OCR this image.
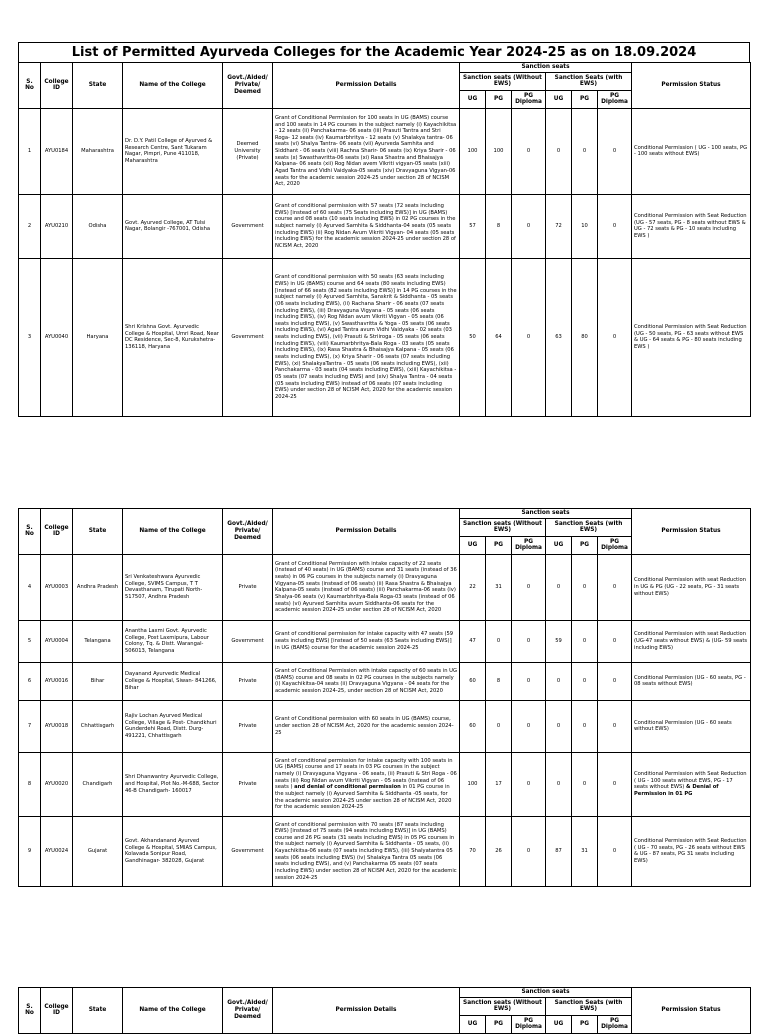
List of Permitted Ayurveda Colleges for the Academic Year 2024-25 as on 18.09.2024
S. No	College ID	State	Name of the College	Govt./Aided/ Private/ Deemed	Permission Details	Sanction seats						Permission Status
						Sanction seats (Without EWS)			Sanction Seats (with EWS)			
						UG	PG	PG Diploma	UG	PG	PG Diploma	
1	AYU0184	Maharashtra	Dr. D.Y. Patil College of Ayurved & Research Centre, Sant Tukaram Nagar, Pimpri, Pune 411018, Maharashtra	Deemed University (Private)	Grant of Conditional Permission for 100 seats in UG (BAMS) course and 100 seats in 14 PG courses in the subject namely (i) Kayachikitsa - 12 seats (ii) Panchakarma- 06 seats (iii) Prasuti Tantra and Stri Roga- 12 seats (iv) Kaumarbhritya - 12 seats (v) Shalakya tantra- 06 seats (vi) Shalya Tantra- 06 seats (vii) Ayurveda Samhita and Siddhant - 06 seats (viii) Rachna Sharir- 06 seats (ix) Kriya Sharir - 06 seats (x) Swasthavritta-06 seats (xi) Rasa Shastra and Bhaisajya Kalpana- 06 seats (xii) Rog Nidan avem Vikriti vigyan-05 seats (xiii) Agad Tantra and Vidhi Vaidyaka-05 seats (xiv) Dravyaguna Vigyan-06 seats for the academic session 2024-25 under section 28 of NCISM Act, 2020	100	100	0	0	0	0	Conditional Permission ( UG - 100 seats, PG - 100 seats without EWS)
2	AYU0210	Odisha	Govt. Ayurved College, AT Tulsi Nagar, Bolangir -767001, Odisha	Government	Grant of conditional permission with 57 seats (72 seats including EWS) [instead of 60 seats (75 Seats including EWS)] in UG (BAMS) course and 08 seats (10 seats including EWS) in 02 PG courses in the subject namely (i) Ayurved Samhita & Siddhanta-04 seats (05 seats including EWS) (ii) Rog Nidan Avum Vikriti Vigyan- 04 seats (05 seats including EWS) for the academic session 2024-25 under section 28 of NCISM Act, 2020	57	8	0	72	10	0	Conditional Permission with Seat Reduction (UG - 57 seats, PG - 8 seats without EWS & UG - 72 seats & PG - 10 seats including EWS )
3	AYU0040	Haryana	Shri Krishna Govt. Ayurvedic College & Hospital, Umri Road, Near DC Residence, Sec-8, Kurukshetra-136118, Haryana	Government	Grant of conditional permission with 50 seats (63 seats including EWS) in UG (BAMS) course and 64 seats (80 seats including EWS) [instead of 66 seats (82 seats including EWS)] in 14 PG courses in the subject namely (i) Ayurved Samhita, Sanskrit & Siddhanta - 05 seats (06 seats including EWS), (ii) Rachana Sharir - 06 seats (07 seats including EWS), (iii) Dravyaguna Vigyana - 05 seats (06 seats including EWS), (iv) Rog Nidan avum Vikriti Vigyan - 05 seats (06 seats including EWS), (v) Swasthavritta & Yoga - 05 seats (06 seats including EWS), (vi) Agad Tantra avum Vidhi Vaidyaka - 02 seats (03 seats including EWS), (vii) Prasuti & Striiroga - 05 seats (06 seats including EWS), (viii) Kaumarbhritya-Bala Roga - 03 seats (05 seats including EWS), (ix) Rasa Shastra & Bhaisajya Kalpana - 05 seats (06 seats including EWS), (x) Kriya Sharir - 06 seats (07 seats including EWS), (xi) ShalakyaTantra - 05 seats (06 seats including EWS), (xii) Panchakarma - 03 seats (04 seats including EWS), (xiii) Kayachikitsa - 05 seats (07 seats including EWS) and (xiv) Shalya Tantra - 04 seats (05 seats including EWS) instead of 06 seats (07 seats including EWS) under section 28 of NCISM Act, 2020 for the academic session 2024-25	50	64	0	63	80	0	Conditional Permission with Seat Reduction (UG - 50 seats, PG - 63 seats without EWS & UG - 64 seats & PG - 80 seats including EWS )
S. No	College ID	State	Name of the College	Govt./Aided/ Private/ Deemed	Permission Details	Sanction seats						Permission Status
						Sanction seats (Without EWS)			Sanction Seats (with EWS)			
						UG	PG	PG Diploma	UG	PG	PG Diploma	
4	AYU0003	Andhra Pradesh	Sri Venkateshwara Ayurvedic College, SVIMS Campus, T T Devasthanam, Tirupati North-517507, Andhra Pradesh	Private	Grant of Conditional Permission with intake capacity of 22 seats (instead of 40 seats) in UG (BAMS) course and 31 seats (instead of 36 seats) in 06 PG courses in the subjects namely (i) Dravyaguna Vigyana-05 seats (instead of 06 seats) (ii) Rasa Shastra & Bhaisajya Kalpana-05 seats (instead of 06 seats) (iii) Panchakarma-06 seats (iv) Shalya-06 seats (v) Kaumarbhritya-Bala Roga-03 seats (instead of 06 seats) (vi) Ayurved Samhita avum Siddhanta-06 seats for the academic session 2024-25 under section 28 of NCISM Act, 2020	22	31	0	0	0	0	Conditional Permission with seat Reduction in UG & PG (UG - 22 seats, PG - 31 seats without EWS)
5	AYU0004	Telangana	Anantha Laxmi Govt. Ayurvedic College, Post Laxmipura, Labour Colony, Tq. & Distt. Warangal-506013, Telangana	Government	Grant of conditional permission for intake capacity with 47 seats (59 seats including EWS) [instead of 50 seats (63 Seats including EWS)] in UG (BAMS) course for the academic session 2024-25	47	0	0	59	0	0	Conditional Permission with seat Reduction (UG-47 seats without EWS) & (UG- 59 seats including EWS)
6	AYU0016	Bihar	Dayanand Ayurvedic Medical College & Hospital, Siwan- 841266, Bihar	Private	Grant of Conditional Permission with intake capacity of 60 seats in UG (BAMS) course and 08 seats in 02 PG courses in the subjects namely (i) Kayachikitsa-04 seats (ii) Dravyaguna Vigyana - 04 seats for the academic session 2024-25, under section 28 of NCISM Act, 2020	60	8	0	0	0	0	Conditional Permission (UG - 60 seats, PG - 08 seats without EWS)
7	AYU0018	Chhattisgarh	Rajiv Lochan Ayurved Medical College, Village & Post- Chandkhuri Gunderdehi Road, Distt. Durg- 491221, Chhattisgarh	Private	Grant of Conditional permission with 60 seats in UG (BAMS) course, under section 28 of NCISM Act, 2020 for the academic session 2024-25	60	0	0	0	0	0	Conditional Permission (UG - 60 seats without EWS)
8	AYU0020	Chandigarh	Shri Dhanwantry Ayurvedic College, and Hospital, Plot No.-M-688, Sector 46-B Chandigarh- 160017	Private	Grant of conditional permission for intake capacity with 100 seats in UG (BAMS) course and 17 seats in 03 PG courses in the subject namely (i) Dravyaguna Vigyana - 06 seats, (ii) Prasuti & Stri Roga - 06 seats (iii) Rog Nidan avum Vikriti Vigyan - 05 seats (instead of 06 seats ) and denial of conditional permission in 01 PG course in the subject namely (i) Ayurved Samhita & Siddhanta -05 seats, for the academic session 2024-25 under section 28 of NCISM Act, 2020 for the academic session 2024-25	100	17	0	0	0	0	Conditional Permission with Seat Reduction ( UG - 100 seats without EWS, PG - 17 seats without EWS) & Denial of Permission in 01 PG
9	AYU0024	Gujarat	Govt. Akhandanand Ayurved College & Hospital, SMIAS Campus, Kolavada Sonipur Road, Gandhinagar- 382028, Gujarat	Government	Grant of conditional permission with 70 seats (87 seats including EWS) [instead of 75 seats (94 seats including EWS)] in UG (BAMS) course and 26 PG seats (31 seats including EWS) in 05 PG courses in the subject namely (i) Ayurved Samhita & Siddhanta - 05 seats, (ii) Kayachikitsa-06 seats (07 seats including EWS), (iii) Shalyatantra 05 seats (06 seats including EWS) (iv) Shalakya Tantra 05 seats (06 seats including EWS), and (v) Panchakarma 05 seats (07 seats including EWS) under section 28 of NCISM Act, 2020 for the academic session 2024-25	70	26	0	87	31	0	Conditional Permission with Seat Reduction ( UG - 70 seats, PG - 26 seats without EWS & UG - 87 seats, PG 31 seats including EWS)
S. No	College ID	State	Name of the College	Govt./Aided/ Private/ Deemed	Permission Details	Sanction seats						Permission Status
						Sanction seats (Without EWS)			Sanction Seats (with EWS)			
						UG	PG	PG Diploma	UG	PG	PG Diploma	
